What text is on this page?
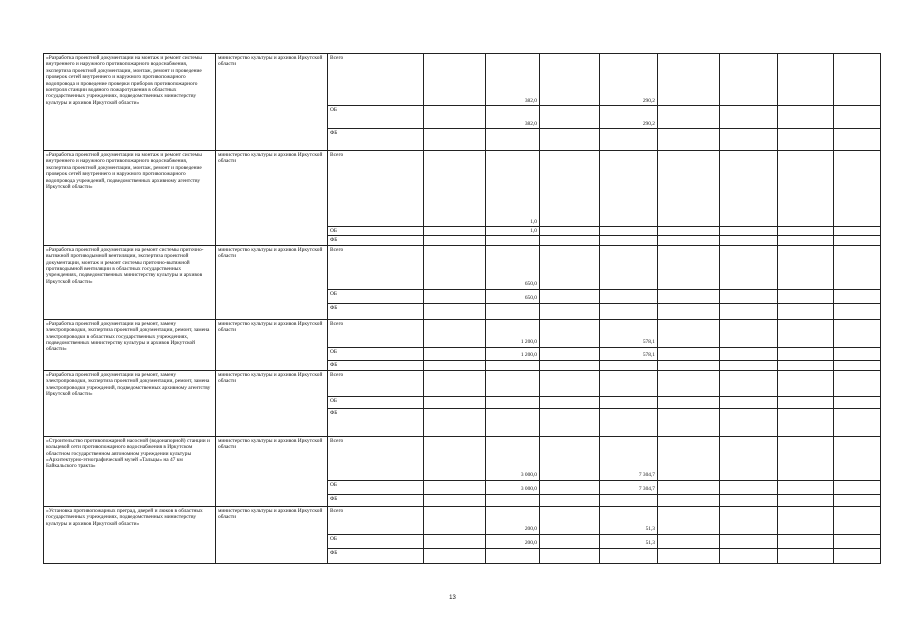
«Разработка проектной документации на монтаж и ремонт системы внутреннего и наружного противопожарного водоснабжения, экспертиза проектной документации, монтаж, ремонт и проведение проверок сетей внутреннего и наружного противопожарного водопровода и проведение проверки приборов противопожарного контроля станции водяного пожаротушения в областных государственных учреждениях, подведомственных министерству культуры и архивов Иркутской области»	министерство культуры и архивов Иркутской области	Всего		382,0		290,2				
		ОБ		382,0		290,2				
		ФБ								
«Разработка проектной документации на монтаж и ремонт системы внутреннего и наружного противопожарного водоснабжения, экспертиза проектной документации, монтаж, ремонт и проведение проверок сетей внутреннего и наружного противопожарного водопровода учреждений, подведомственных архивному агентству Иркутской области»	министерство культуры и архивов Иркутской области	Всего		1,0						
		ОБ		1,0						
		ФБ								
«Разработка проектной документации на ремонт системы приточно-вытяжной противодымной вентиляции, экспертиза проектной документации, монтаж и ремонт системы приточно-вытяжной противодымной вентиляции в областных государственных учреждениях, подведомственных министерству культуры и архивов Иркутской области»	министерство культуры и архивов Иркутской области	Всего		650,0						
		ОБ		650,0						
		ФБ								
«Разработка проектной документации на ремонт, замену электропроводки, экспертиза проектной документации, ремонт, замена электропроводки в областных государственных учреждениях, подведомственных министерству культуры и архивов Иркутской области»	министерство культуры и архивов Иркутской области	Всего		1 200,0		578,1				
		ОБ		1 200,0		578,1				
		ФБ								
«Разработка проектной документации на ремонт, замену электропроводки, экспертиза проектной документации, ремонт, замена электропроводки учреждений, подведомственных архивному агентству Иркутской области»	министерство культуры и архивов Иркутской области	Всего								
		ОБ								
		ФБ								
«Строительство противопожарной насосной (водонапорной) станции и кольцевой сети противопожарного водоснабжения в Иркутском областном государственном автономном учреждении культуры «Архитектурно-этнографический музей «Тальцы» на 47 км Байкальского тракта»	министерство культуры и архивов Иркутской области	Всего		3 000,0		7 304,7				
		ОБ		3 000,0		7 304,7				
		ФБ								
«Установка противопожарных преград, дверей и люков в областных государственных учреждениях, подведомственных министерству культуры и архивов Иркутской области»	министерство культуры и архивов Иркутской области	Всего		200,0		51,3				
		ОБ		200,0		51,3				
		ФБ								
13
